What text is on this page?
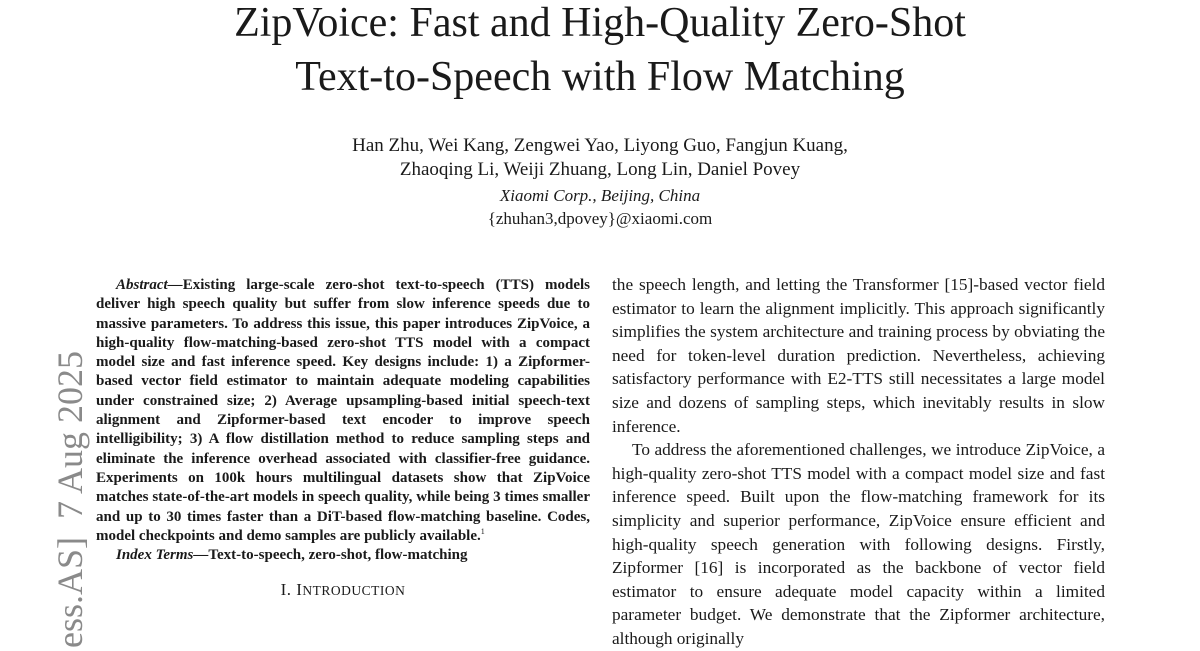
ZipVoice: Fast and High-Quality Zero-Shot
Text-to-Speech with Flow Matching
Han Zhu, Wei Kang, Zengwei Yao, Liyong Guo, Fangjun Kuang,
Zhaoqing Li, Weiji Zhuang, Long Lin, Daniel Povey
Xiaomi Corp., Beijing, China
{zhuhan3,dpovey}@xiaomi.com
ess.AS]  7 Aug 2025

Abstract—Existing large-scale zero-shot text-to-speech (TTS) models deliver high speech quality but suffer from slow inference speeds due to massive parameters. To address this issue, this paper introduces ZipVoice, a high-quality flow-matching-based zero-shot TTS model with a compact model size and fast inference speed. Key designs include: 1) a Zipformer-based vector field estimator to maintain adequate modeling capabilities under constrained size; 2) Average upsampling-based initial speech-text alignment and Zipformer-based text encoder to improve speech intelligibility; 3) A flow distillation method to reduce sampling steps and eliminate the inference overhead associated with classifier-free guidance. Experiments on 100k hours multilingual datasets show that ZipVoice matches state-of-the-art models in speech quality, while being 3 times smaller and up to 30 times faster than a DiT-based flow-matching baseline. Codes, model checkpoints and demo samples are publicly available.$^1$

Index Terms—Text-to-speech, zero-shot, flow-matching

I. INTRODUCTION

the speech length, and letting the Transformer [15]-based vector field estimator to learn the alignment implicitly. This approach significantly simplifies the system architecture and training process by obviating the need for token-level duration prediction. Nevertheless, achieving satisfactory performance with E2-TTS still necessitates a large model size and dozens of sampling steps, which inevitably results in slow inference.

To address the aforementioned challenges, we introduce ZipVoice, a high-quality zero-shot TTS model with a compact model size and fast inference speed. Built upon the flow-matching framework for its simplicity and superior performance, ZipVoice ensure efficient and high-quality speech generation with following designs. Firstly, Zipformer [16] is incorporated as the backbone of vector field estimator to ensure adequate model capacity within a limited parameter budget. We demonstrate that the Zipformer architecture, although originally
